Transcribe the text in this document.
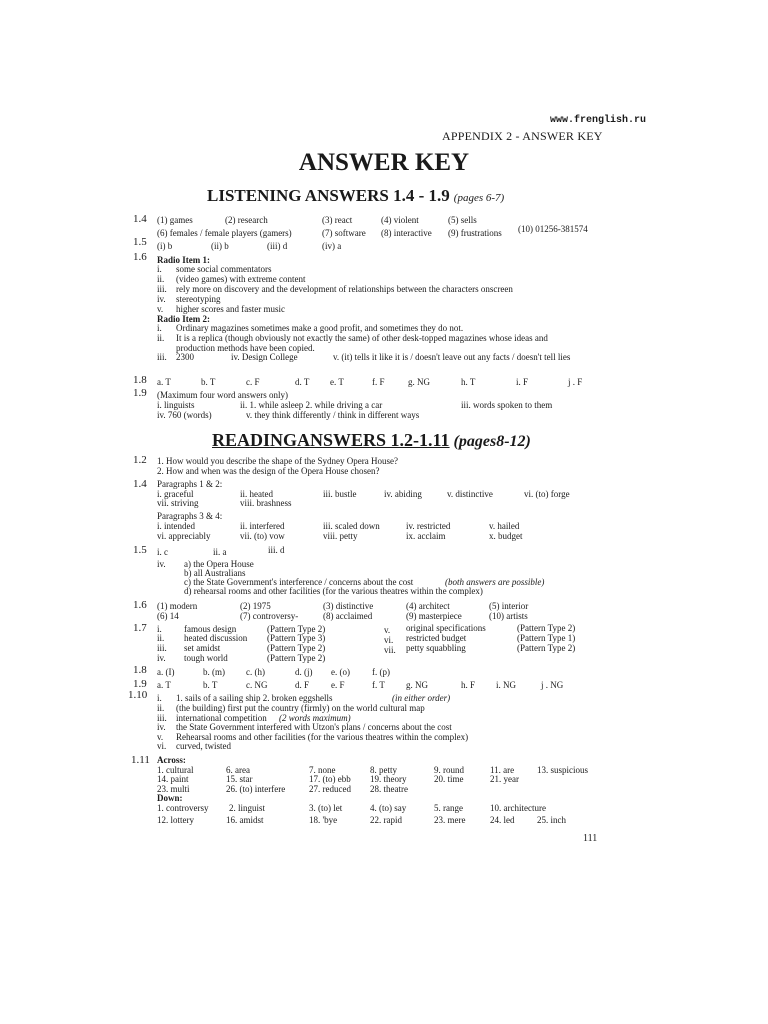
www.frenglish.ru
APPENDIX 2 - ANSWER KEY
ANSWER KEY
LISTENING ANSWERS 1.4 - 1.9 (pages 6-7)
1.4 (1) games	(2) research	(3) react	(4) violent	(5) sells
(6) females / female players (gamers)	(7) software (8) interactive (9) frustrations (10) 01256-381574
1.5 (i) b	(ii) b	(iii) d	(iv) a
1.6 Radio Item 1:
i. some social commentators
ii. (video games) with extreme content
iii. rely more on discovery and the development of relationships between the characters onscreen
iv. stereotyping
v. higher scores and faster music
Radio Item 2:
i. Ordinary magazines sometimes make a good profit, and sometimes they do not.
ii. It is a replica (though obviously not exactly the same) of other desk-topped magazines whose ideas and
production methods have been copied.
iii. 2300	iv. Design College	v. (it) tells it like it is / doesn't leave out any facts / doesn't tell lies
1.8 a. T	b. T	c. F	d. T e. T	f. F	g. NG	h. T	i. F	j . F
1.9 (Maximum four word answers only)
i. linguists	ii. 1. while asleep 2. while driving a car	iii. words spoken to them
iv. 760 (words)	v. they think differently / think in different ways
READINGANSWERS 1.2-1.11 (pages8-12)
1.2 1. How would you describe the shape of the Sydney Opera House?
2. How and when was the design of the Opera House chosen?
1.4 Paragraphs 1 & 2:
i. graceful	ii. heated	iii. bustle	iv. abiding	v. distinctive	vi. (to) forge
vii. striving	viii. brashness
Paragraphs 3 & 4:
i. intended	ii. interfered	iii. scaled down	iv. restricted	v. hailed
vi. appreciably	vii. (to) vow	viii. petty	ix. acclaim	x. budget
1.5 i. c	ii. a	iii. d
iv. a) the Opera House
b) all Australians
c) the State Government's interference / concerns about the cost	(both answers are possible)
d) rehearsal rooms and other facilities (for the various theatres within the complex)
1.6 (1) modern	(2) 1975	(3) distinctive	(4) architect	(5) interior
(6) 14	(7) controversy-	(8) acclaimed	(9) masterpiece	(10) artists
1.7 i. famous design	(Pattern Type 2)
ii. heated discussion (Pattern Type 3)
iii. set amidst	(Pattern Type 2)
iv. tough world	(Pattern Type 2)
v. original specifications	(Pattern Type 2)
vi. restricted budget	(Pattern Type 1)
vii. petty squabbling	(Pattern Type 2)
1.8 a. (I)	b. (m) c. (h)	d. (j) e. (o) f. (p)
1.9 a. T	b. T	c. NG	d. F e. F	f. T g. NG	h. F i. NG	j . NG
1.10 i. 1. sails of a sailing ship 2. broken eggshells	(in either order)
ii. (the building) first put the country (firmly) on the world cultural map
iii. international competition (2 words maximum)
iv. the State Government interfered with Utzon's plans / concerns about the cost
v. Rehearsal rooms and other facilities (for the various theatres within the complex)
vi. curved, twisted
1.11 Across:
1. cultural	6. area	7. none	8. petty	9. round	11. are	13. suspicious
14. paint	15. star	17. (to) ebb 19. theory	20. time	21. year
23. multi	26. (to) interfere	27. reduced 28. theatre
Down:
1. controversy 2. linguist	3. (to) let	4. (to) say	5. range	10. architecture
12. lottery	16. amidst	18. 'bye	22. rapid	23. mere	24. led	25. inch
111
